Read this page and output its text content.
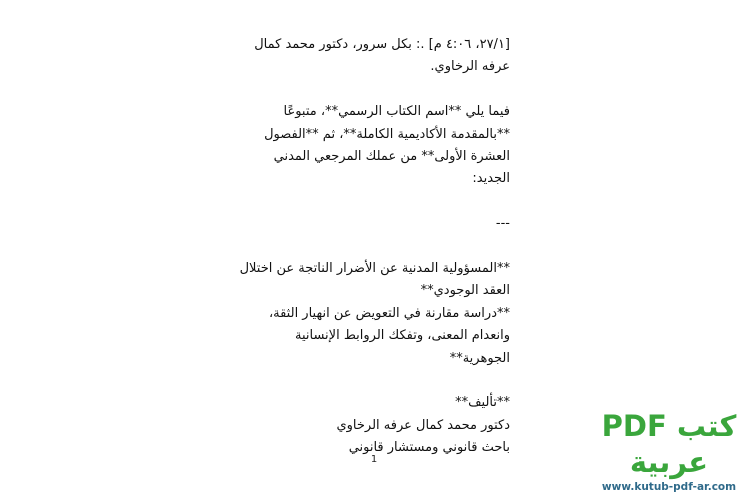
[٢٧/١، ٤:٠٦ م] .: بكل سرور، دكتور محمد كمال عرفه الرخاوي.

فيما يلي **اسم الكتاب الرسمي**، متبوعًا **بالمقدمة الأكاديمية الكاملة**، ثم **الفصول العشرة الأولى** من عملك المرجعي المدني الجديد:

---

**المسؤولية المدنية عن الأضرار الناتجة عن اختلال العقد الوجودي**

**دراسة مقارنة في التعويض عن انهيار الثقة، وانعدام المعنى، وتفكك الروابط الإنسانية الجوهرية**

**تأليف**

دكتور محمد كمال عرفه الرخاوي

باحث قانوني ومستشار قانوني

1
كتب PDF عربية
www.kutub-pdf-ar.com
